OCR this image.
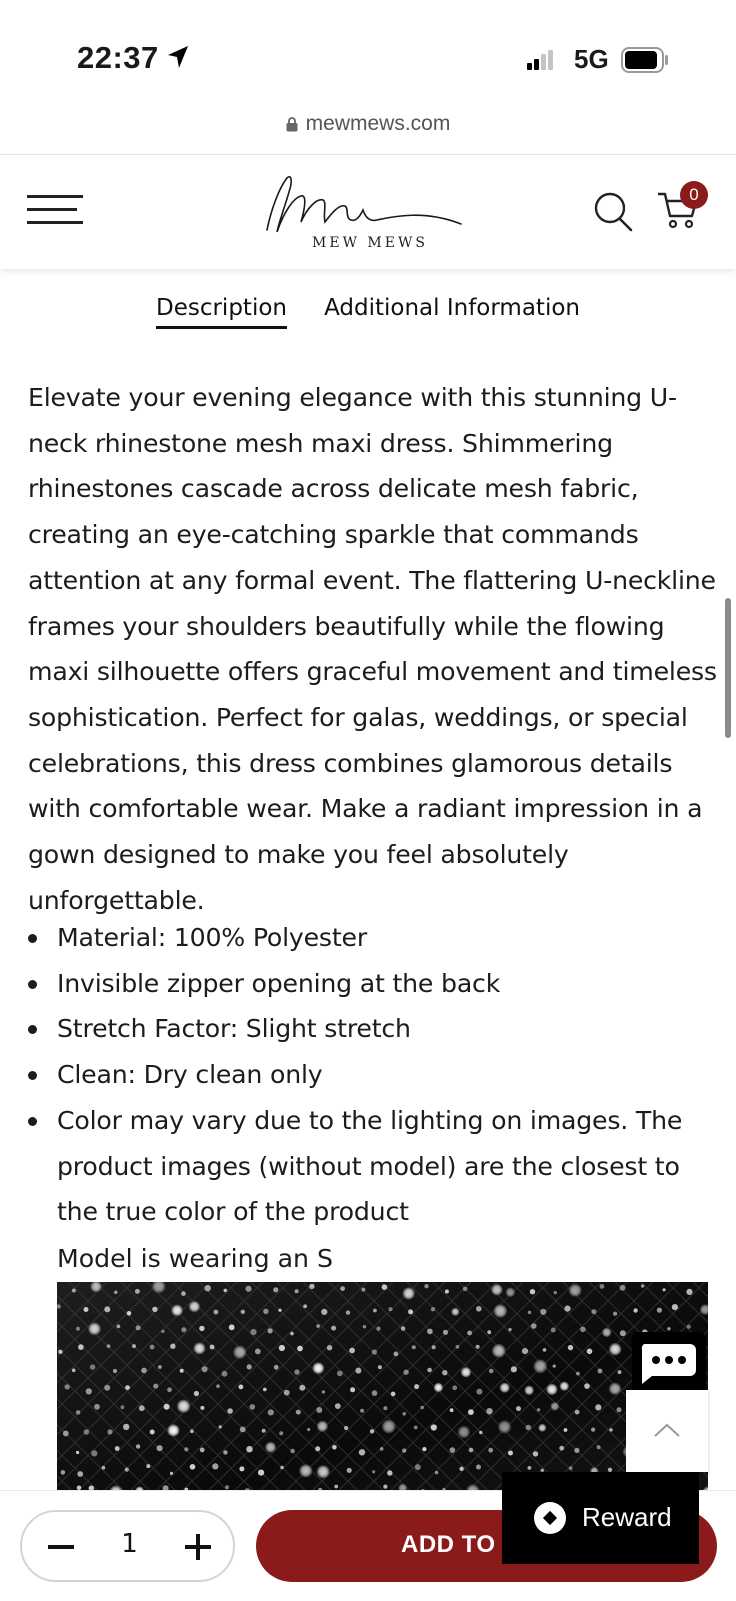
22:37	5G
mewmews.com
MEW MEWS
0
Description Additional Information

Elevate your evening elegance with this stunning U-neck rhinestone mesh maxi dress. Shimmering rhinestones cascade across delicate mesh fabric, creating an eye-catching sparkle that commands attention at any formal event. The flattering U-neckline frames your shoulders beautifully while the flowing maxi silhouette offers graceful movement and timeless sophistication. Perfect for galas, weddings, or special celebrations, this dress combines glamorous details with comfortable wear. Make a radiant impression in a gown designed to make you feel absolutely unforgettable.

Material: 100% Polyester
Invisible zipper opening at the back
Stretch Factor: Slight stretch
Clean: Dry clean only
Color may vary due to the lighting on images. The product images (without model) are the closest to the true color of the product

Model is wearing an S

1	ADD TO
Reward
